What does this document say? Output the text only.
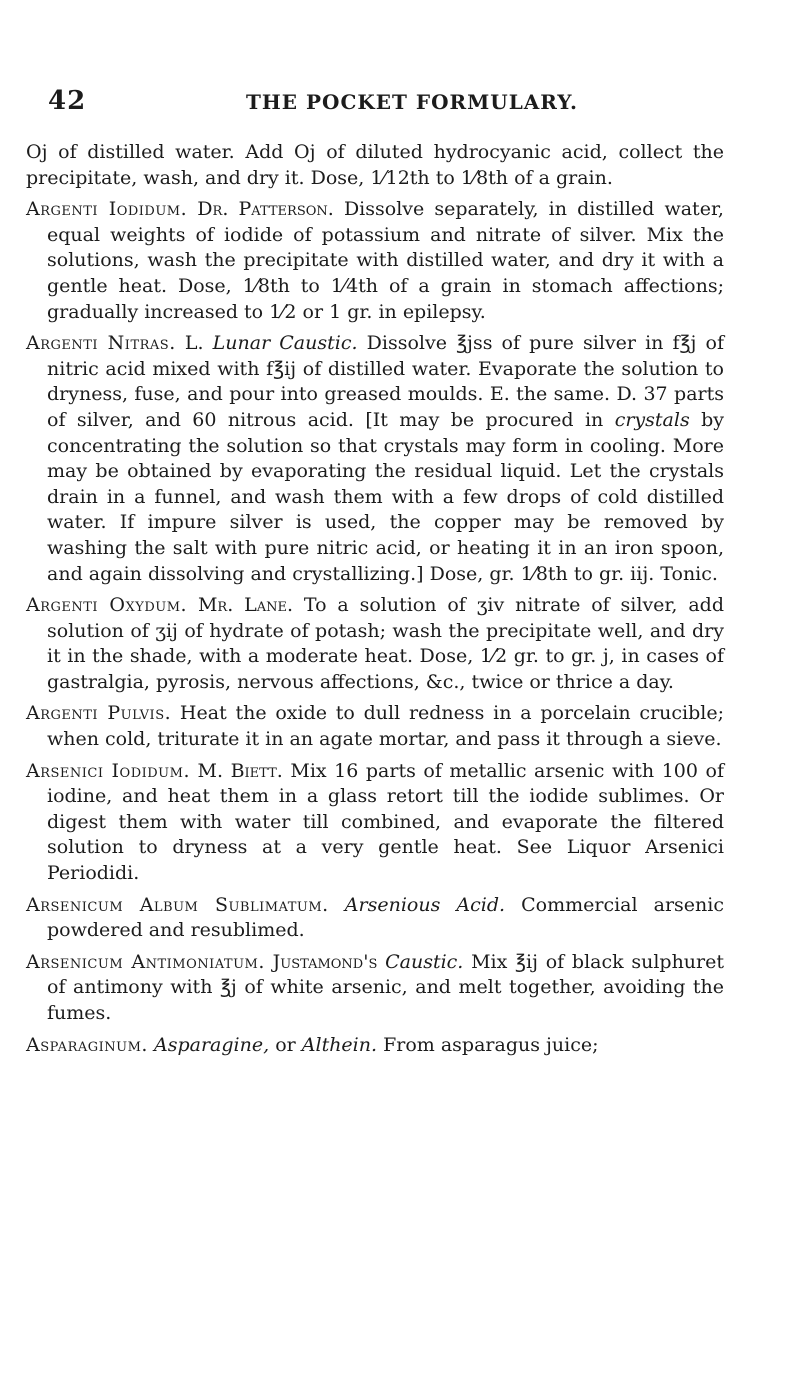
42	THE POCKET FORMULARY.

Oj of distilled water. Add Oj of diluted hydrocyanic acid, collect the precipitate, wash, and dry it. Dose, 1⁄12th to 1⁄8th of a grain.

Argenti Iodidum. Dr. Patterson. Dissolve separately, in distilled water, equal weights of iodide of potassium and nitrate of silver. Mix the solutions, wash the precipitate with distilled water, and dry it with a gentle heat. Dose, 1⁄8th to 1⁄4th of a grain in stomach affections; gradually increased to 1⁄2 or 1 gr. in epilepsy.

Argenti Nitras. L. Lunar Caustic. Dissolve ℥jss of pure silver in f℥j of nitric acid mixed with f℥ij of distilled water. Evaporate the solution to dryness, fuse, and pour into greased moulds. E. the same. D. 37 parts of silver, and 60 nitrous acid. [It may be procured in crystals by concentrating the solution so that crystals may form in cooling. More may be obtained by evaporating the residual liquid. Let the crystals drain in a funnel, and wash them with a few drops of cold distilled water. If impure silver is used, the copper may be removed by washing the salt with pure nitric acid, or heating it in an iron spoon, and again dissolving and crystallizing.] Dose, gr. 1⁄8th to gr. iij. Tonic.

Argenti Oxydum. Mr. Lane. To a solution of ʒiv nitrate of silver, add solution of ʒij of hydrate of potash; wash the precipitate well, and dry it in the shade, with a moderate heat. Dose, 1⁄2 gr. to gr. j, in cases of gastralgia, pyrosis, nervous affections, &c., twice or thrice a day.

Argenti Pulvis. Heat the oxide to dull redness in a porcelain crucible; when cold, triturate it in an agate mortar, and pass it through a sieve.

Arsenici Iodidum. M. Biett. Mix 16 parts of metallic arsenic with 100 of iodine, and heat them in a glass retort till the iodide sublimes. Or digest them with water till combined, and evaporate the filtered solution to dryness at a very gentle heat. See Liquor Arsenici Periodidi.

Arsenicum Album Sublimatum. Arsenious Acid. Commercial arsenic powdered and resublimed.

Arsenicum Antimoniatum. Justamond's Caustic. Mix ℥ij of black sulphuret of antimony with ℥j of white arsenic, and melt together, avoiding the fumes.

Asparaginum. Asparagine, or Althein. From asparagus juice;
